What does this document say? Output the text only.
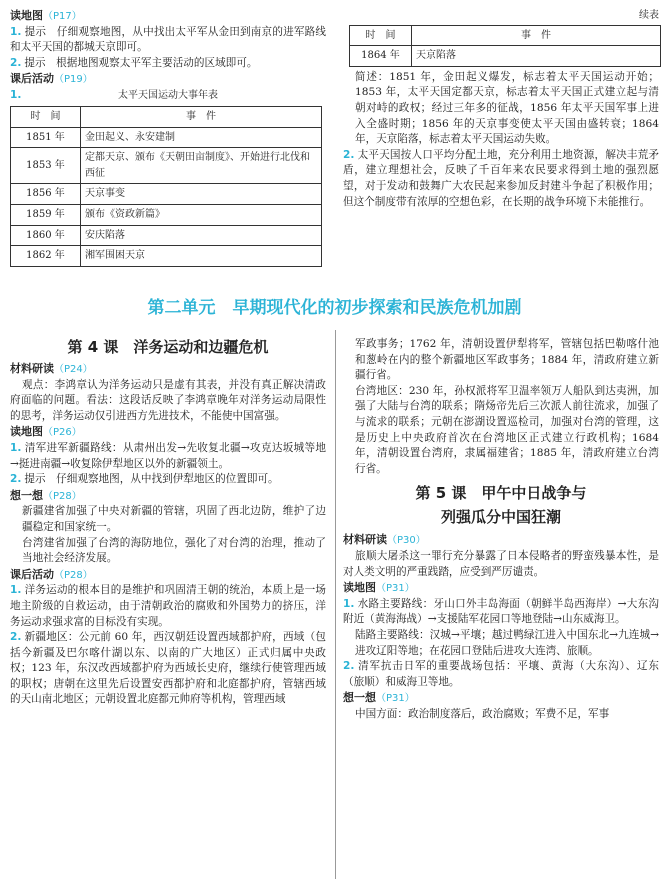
读地图（P17）
1. 提示　仔细观察地图，从中找出太平军从金田到南京的进军路线和太平天国的都城天京即可。
2. 提示　根据地图观察太平军主要活动的区域即可。
课后活动（P19）
1.	太平天国运动大事年表
时　间	事　件
1851 年	金田起义、永安建制
1853 年	定都天京、颁布《天朝田亩制度》、开始进行北伐和西征
1856 年	天京事变
1859 年	颁布《资政新篇》
1860 年	安庆陷落
1862 年	湘军围困天京
续表
时　间	事　件
1864 年	天京陷落
简述：1851 年，金田起义爆发，标志着太平天国运动开始；1853 年，太平天国定都天京，标志着太平天国正式建立起与清朝对峙的政权；经过三年多的征战，1856 年太平天国军事上进入全盛时期；1856 年的天京事变使太平天国由盛转衰；1864 年，天京陷落，标志着太平天国运动失败。
2. 太平天国按人口平均分配土地，充分利用土地资源，解决丰荒矛盾，建立理想社会，反映了千百年来农民要求得到土地的强烈愿望，对于发动和鼓舞广大农民起来参加反封建斗争起了积极作用；但这个制度带有浓厚的空想色彩，在长期的战争环境下未能推行。
第二单元　早期现代化的初步探索和民族危机加剧
第 4 课　洋务运动和边疆危机
材料研读（P24）
观点：李鸿章认为洋务运动只是虚有其表，并没有真正解决清政府面临的问题。看法：这段话反映了李鸿章晚年对洋务运动局限性的思考，洋务运动仅引进西方先进技术，不能使中国富强。
读地图（P26）
1. 清军进军新疆路线：从肃州出发→先收复北疆→攻克达坂城等地→挺进南疆→收复除伊犁地区以外的新疆领土。
2. 提示　仔细观察地图，从中找到伊犁地区的位置即可。
想一想（P28）
新疆建省加强了中央对新疆的管辖，巩固了西北边防，维护了边疆稳定和国家统一。
台湾建省加强了台湾的海防地位，强化了对台湾的治理，推动了当地社会经济发展。
课后活动（P28）
1. 洋务运动的根本目的是维护和巩固清王朝的统治，本质上是一场地主阶级的自救运动，由于清朝政治的腐败和外国势力的挤压，洋务运动求强求富的目标没有实现。
2. 新疆地区：公元前 60 年，西汉朝廷设置西域都护府，西域（包括今新疆及巴尔喀什湖以东、以南的广大地区）正式归属中央政权；123 年，东汉改西域都护府为西域长史府，继续行使管理西域的职权；唐朝在这里先后设置安西都护府和北庭都护府，管辖西域的天山南北地区；元朝设置北庭都元帅府等机构，管理西域
军政事务；1762 年，清朝设置伊犁将军，管辖包括巴勒喀什池和葱岭在内的整个新疆地区军政事务；1884 年，清政府建立新疆行省。
台湾地区：230 年，孙权派将军卫温率领万人船队到达夷洲，加强了大陆与台湾的联系；隋炀帝先后三次派人前往流求，加强了与流求的联系；元朝在澎湖设置巡检司，加强对台湾的管理，这是历史上中央政府首次在台湾地区正式建立行政机构；1684 年，清朝设置台湾府，隶属福建省；1885 年，清政府建立台湾行省。
第 5 课　甲午中日战争与
列强瓜分中国狂潮
材料研读（P30）
旅顺大屠杀这一罪行充分暴露了日本侵略者的野蛮残暴本性，是对人类文明的严重践踏，应受到严厉谴责。
读地图（P31）
1. 水路主要路线：牙山口外丰岛海面（朝鲜半岛西海岸）→大东沟附近（黄海海战）→支援陆军花园口等地登陆→山东威海卫。
陆路主要路线：汉城→平壤；越过鸭绿江进入中国东北→九连城→进攻辽阳等地；在花园口登陆后进攻大连湾、旅顺。
2. 清军抗击日军的重要战场包括：平壤、黄海（大东沟）、辽东（旅顺）和威海卫等地。
想一想（P31）
中国方面：政治制度落后，政治腐败；军费不足，军事
